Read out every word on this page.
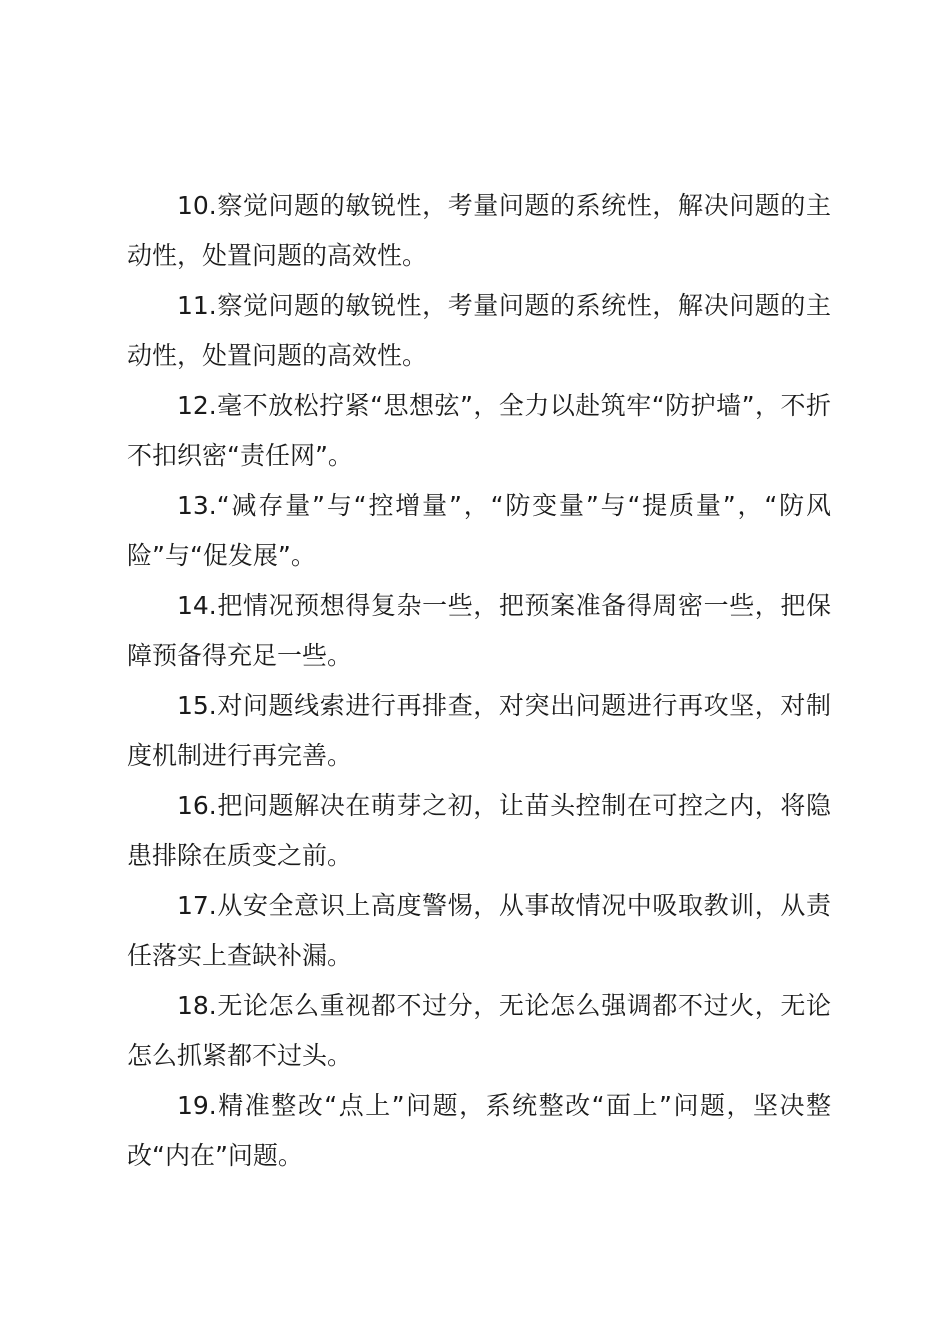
10.察觉问题的敏锐性，考量问题的系统性，解决问题的主动性，处置问题的高效性。

11.察觉问题的敏锐性，考量问题的系统性，解决问题的主动性，处置问题的高效性。

12.毫不放松拧紧“思想弦”，全力以赴筑牢“防护墙”，不折不扣织密“责任网”。

13.“减存量”与“控增量”，“防变量”与“提质量”，“防风险”与“促发展”。

14.把情况预想得复杂一些，把预案准备得周密一些，把保障预备得充足一些。

15.对问题线索进行再排查，对突出问题进行再攻坚，对制度机制进行再完善。

16.把问题解决在萌芽之初，让苗头控制在可控之内，将隐患排除在质变之前。

17.从安全意识上高度警惕，从事故情况中吸取教训，从责任落实上查缺补漏。

18.无论怎么重视都不过分，无论怎么强调都不过火，无论怎么抓紧都不过头。

19.精准整改“点上”问题，系统整改“面上”问题，坚决整改“内在”问题。
